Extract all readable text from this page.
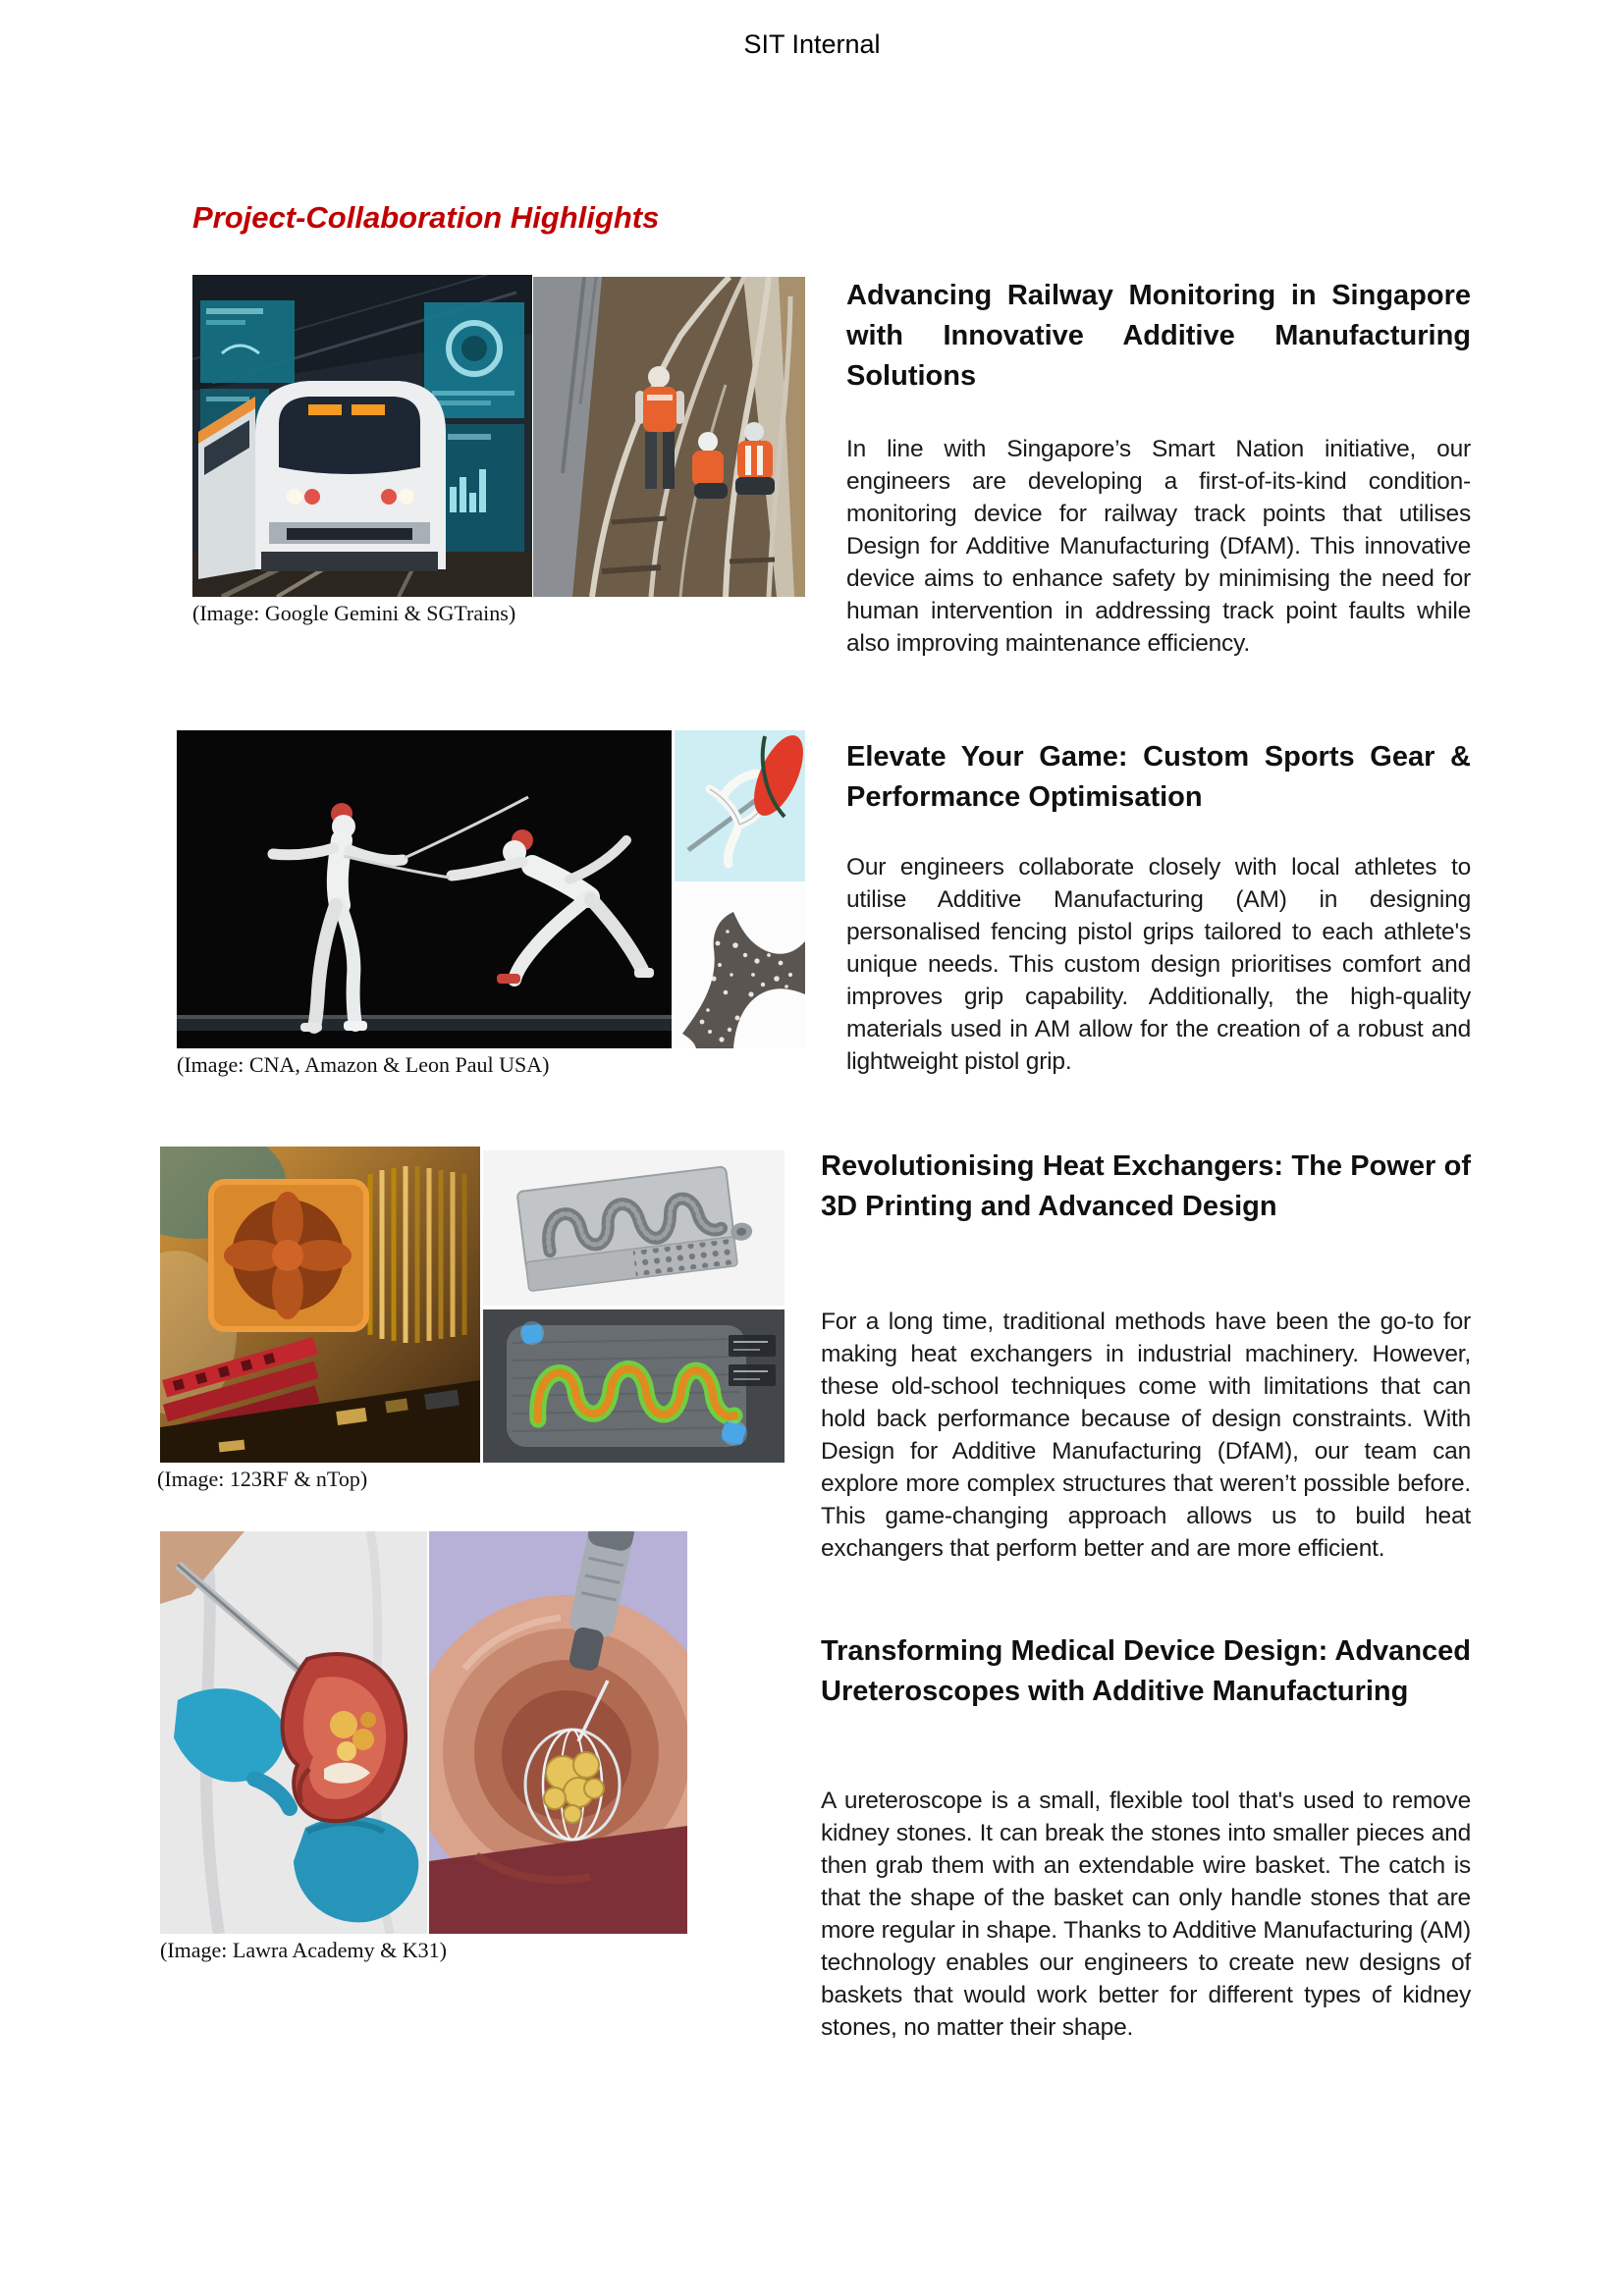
SIT Internal
Project-Collaboration Highlights

(Image: Google Gemini & SGTrains)

Advancing Railway Monitoring in Singapore with Innovative Additive Manufacturing Solutions

In line with Singapore’s Smart Nation initiative, our engineers are developing a first-of-its-kind condition-monitoring device for railway track points that utilises Design for Additive Manufacturing (DfAM). This innovative device aims to enhance safety by minimising the need for human intervention in addressing track point faults while also improving maintenance efficiency.

(Image: CNA, Amazon & Leon Paul USA)

Elevate Your Game: Custom Sports Gear & Performance Optimisation

Our engineers collaborate closely with local athletes to utilise Additive Manufacturing (AM) in designing personalised fencing pistol grips tailored to each athlete's unique needs. This custom design prioritises comfort and improves grip capability. Additionally, the high-quality materials used in AM allow for the creation of a robust and lightweight pistol grip.

(Image: 123RF & nTop)

Revolutionising Heat Exchangers: The Power of 3D Printing and Advanced Design

For a long time, traditional methods have been the go-to for making heat exchangers in industrial machinery. However, these old-school techniques come with limitations that can hold back performance because of design constraints. With Design for Additive Manufacturing (DfAM), our team can explore more complex structures that weren’t possible before. This game-changing approach allows us to build heat exchangers that perform better and are more efficient.

(Image: Lawra Academy & K31)

Transforming Medical Device Design: Advanced Ureteroscopes with Additive Manufacturing

A ureteroscope is a small, flexible tool that's used to remove kidney stones. It can break the stones into smaller pieces and then grab them with an extendable wire basket. The catch is that the shape of the basket can only handle stones that are more regular in shape. Thanks to Additive Manufacturing (AM) technology enables our engineers to create new designs of baskets that would work better for different types of kidney stones, no matter their shape.
